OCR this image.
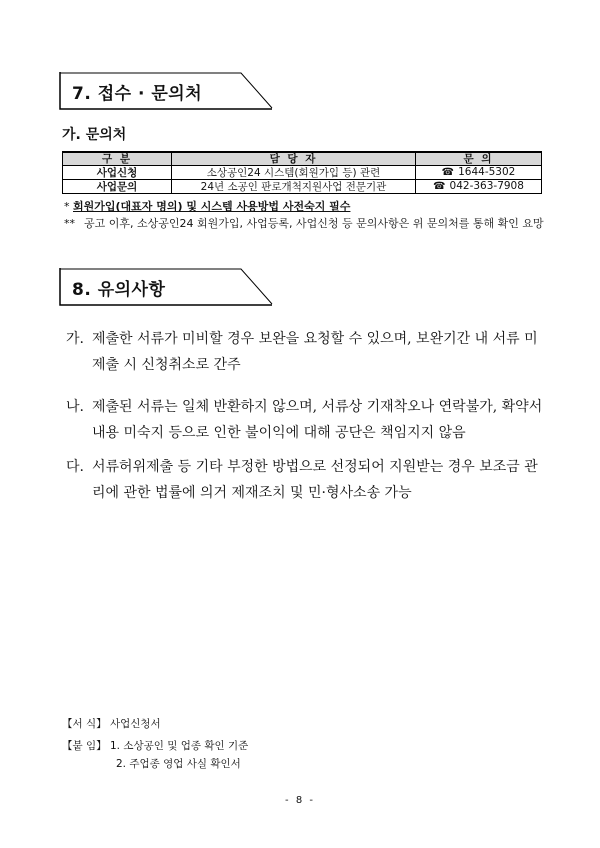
7. 접수 · 문의처
가. 문의처
구 분	담 당 자	문 의
사업신청	소상공인24 시스템(회원가입 등) 관련	☎ 1644-5302
사업문의	24년 소공인 판로개척지원사업 전문기관	☎ 042-363-7908
* 회원가입(대표자 명의) 및 시스템 사용방법 사전숙지 필수
** 공고 이후, 소상공인24 회원가입, 사업등록, 사업신청 등 문의사항은 위 문의처를 통해 확인 요망
8. 유의사항
가. 제출한 서류가 미비할 경우 보완을 요청할 수 있으며, 보완기간 내 서류 미제출 시 신청취소로 간주
나. 제출된 서류는 일체 반환하지 않으며, 서류상 기재착오나 연락불가, 확약서 내용 미숙지 등으로 인한 불이익에 대해 공단은 책임지지 않음
다. 서류허위제출 등 기타 부정한 방법으로 선정되어 지원받는 경우 보조금 관리에 관한 법률에 의거 제재조치 및 민·형사소송 가능
【서 식】 사업신청서
【붙 임】 1. 소상공인 및 업종 확인 기준
2. 주업종 영업 사실 확인서
- 8 -
